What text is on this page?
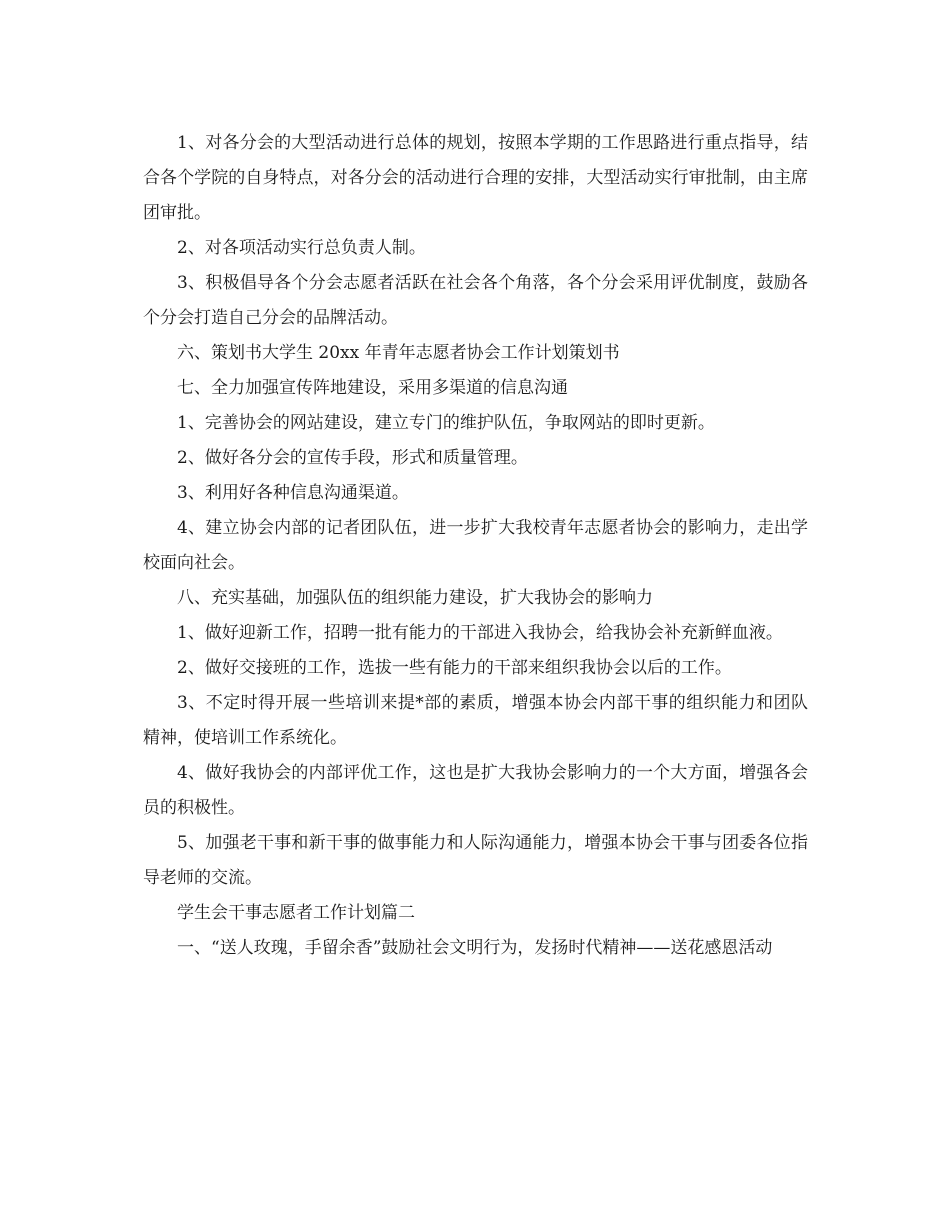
1、对各分会的大型活动进行总体的规划，按照本学期的工作思路进行重点指导，结合各个学院的自身特点，对各分会的活动进行合理的安排，大型活动实行审批制，由主席团审批。

2、对各项活动实行总负责人制。

3、积极倡导各个分会志愿者活跃在社会各个角落，各个分会采用评优制度，鼓励各个分会打造自己分会的品牌活动。

六、策划书大学生 20xx 年青年志愿者协会工作计划策划书

七、全力加强宣传阵地建设，采用多渠道的信息沟通

1、完善协会的网站建设，建立专门的维护队伍，争取网站的即时更新。

2、做好各分会的宣传手段，形式和质量管理。

3、利用好各种信息沟通渠道。

4、建立协会内部的记者团队伍，进一步扩大我校青年志愿者协会的影响力，走出学校面向社会。

八、充实基础，加强队伍的组织能力建设，扩大我协会的影响力

1、做好迎新工作，招聘一批有能力的干部进入我协会，给我协会补充新鲜血液。

2、做好交接班的工作，选拔一些有能力的干部来组织我协会以后的工作。

3、不定时得开展一些培训来提*部的素质，增强本协会内部干事的组织能力和团队精神，使培训工作系统化。

4、做好我协会的内部评优工作，这也是扩大我协会影响力的一个大方面，增强各会员的积极性。

5、加强老干事和新干事的做事能力和人际沟通能力，增强本协会干事与团委各位指导老师的交流。

学生会干事志愿者工作计划篇二

一、“送人玫瑰，手留余香”鼓励社会文明行为，发扬时代精神——送花感恩活动
